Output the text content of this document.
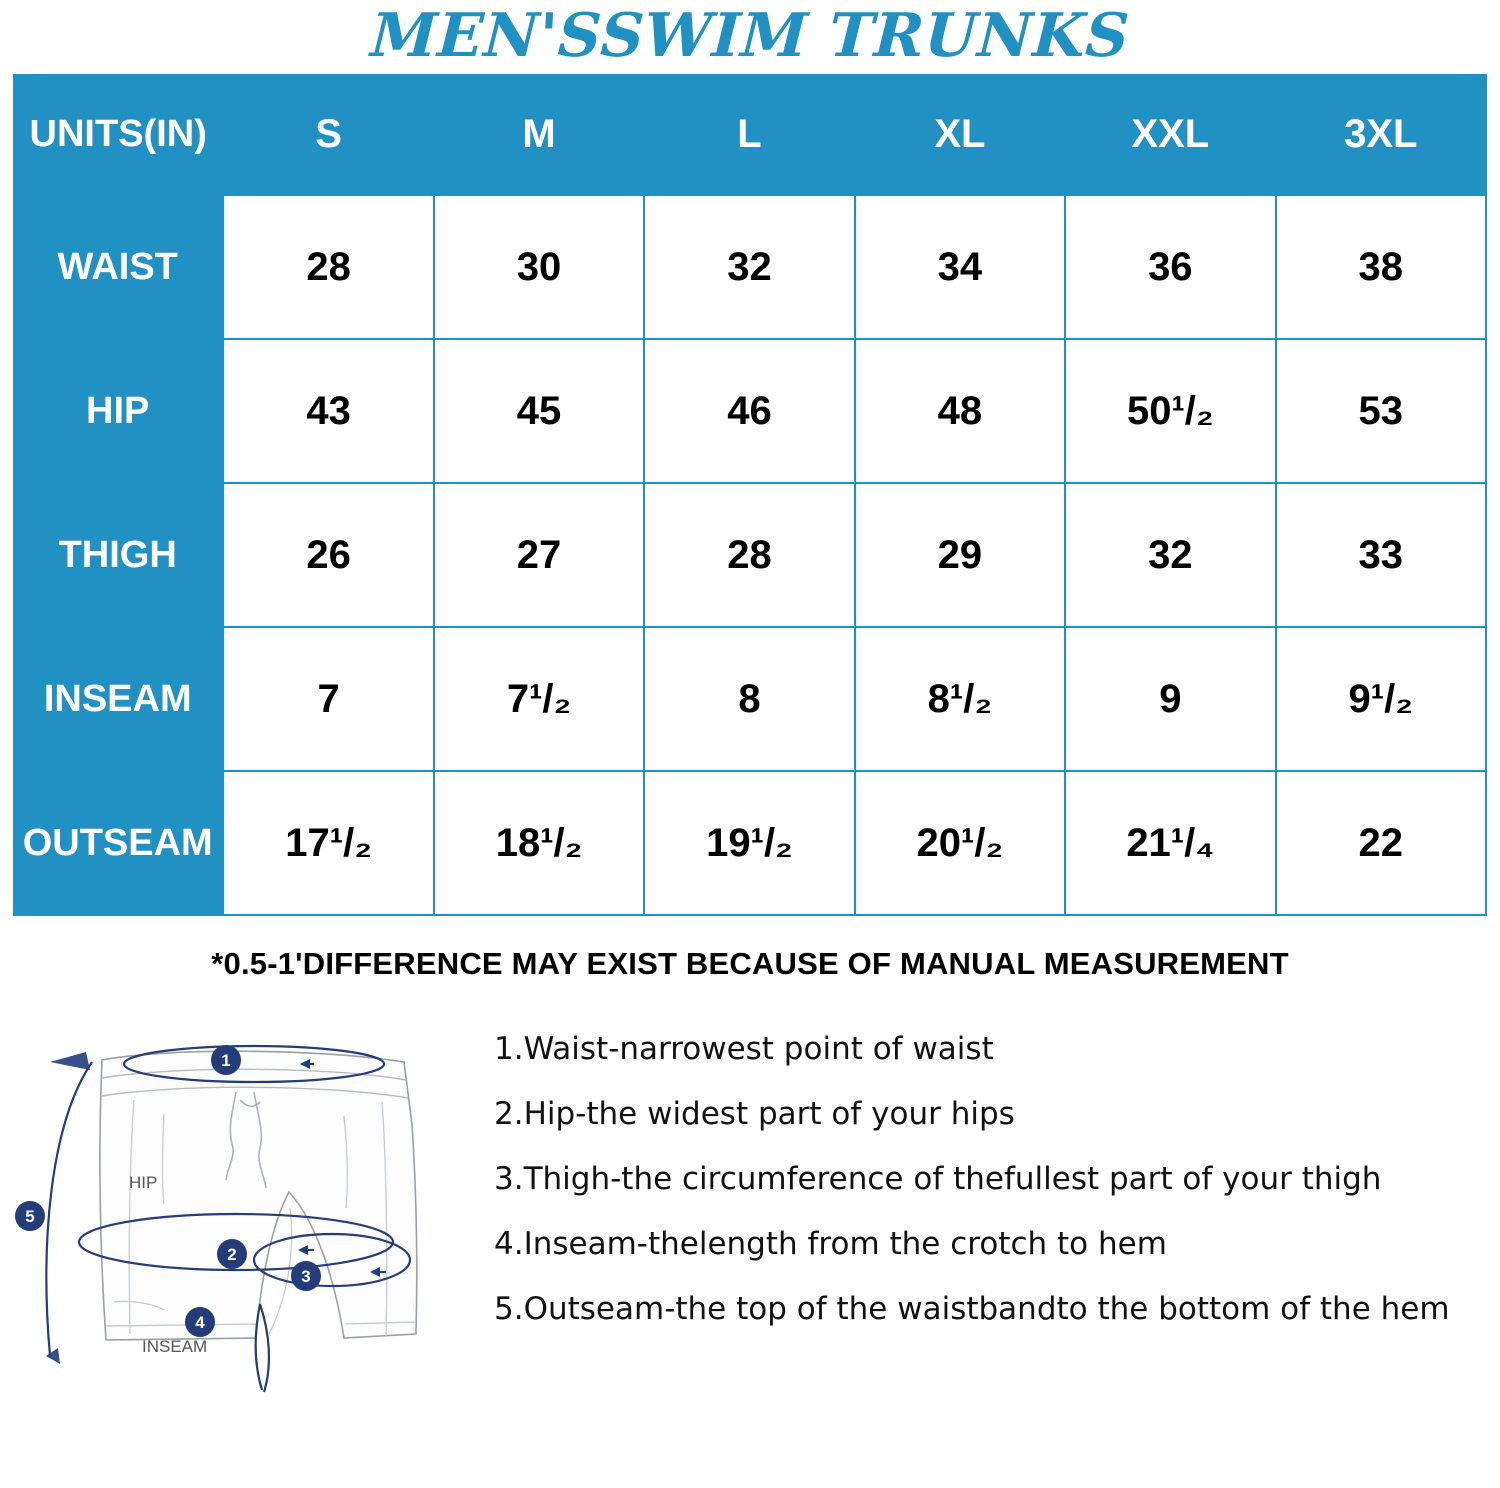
MEN'SSWIM TRUNKS
UNITS(IN)	S	M	L	XL	XXL	3XL
WAIST	28	30	32	34	36	38
HIP	43	45	46	48	50¹/₂	53
THIGH	26	27	28	29	32	33
INSEAM	7	7¹/₂	8	8¹/₂	9	9¹/₂
OUTSEAM	17¹/₂	18¹/₂	19¹/₂	20¹/₂	21¹/₄	22
*0.5-1'DIFFERENCE MAY EXIST BECAUSE OF MANUAL MEASUREMENT
1
2
3
4
5
HIP
INSEAM
1.Waist-narrowest point of waist
2.Hip-the widest part of your hips
3.Thigh-the circumference of thefullest part of your thigh
4.Inseam-thelength from the crotch to hem
5.Outseam-the top of the waistbandto the bottom of the hem
